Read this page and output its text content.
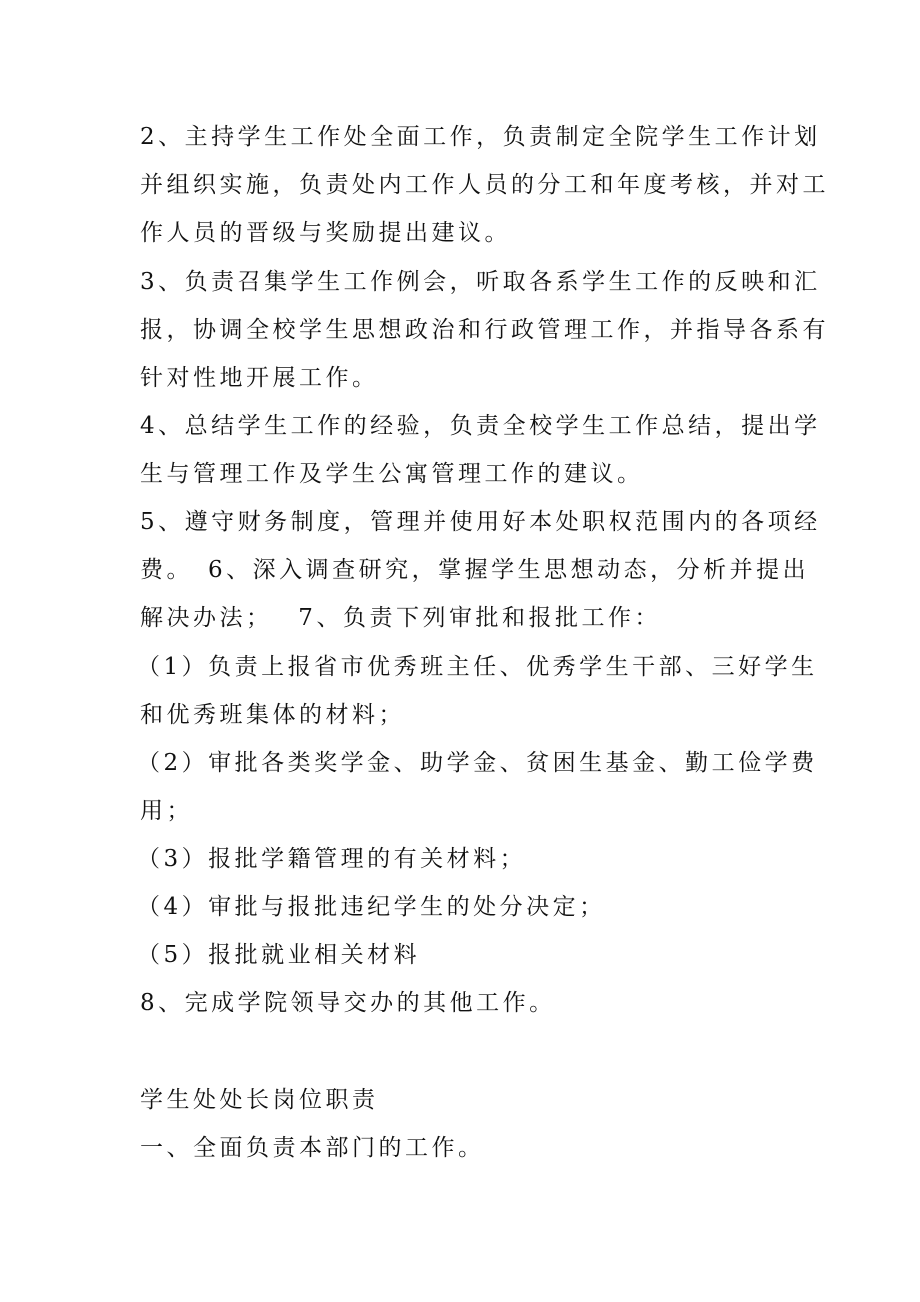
2、主持学生工作处全面工作，负责制定全院学生工作计划
并组织实施，负责处内工作人员的分工和年度考核，并对工
作人员的晋级与奖励提出建议。
3、负责召集学生工作例会，听取各系学生工作的反映和汇
报，协调全校学生思想政治和行政管理工作，并指导各系有
针对性地开展工作。
4、总结学生工作的经验，负责全校学生工作总结，提出学
生与管理工作及学生公寓管理工作的建议。
5、遵守财务制度，管理并使用好本处职权范围内的各项经
费。　6、深入调查研究，掌握学生思想动态，分析并提出
解决办法；　 7、负责下列审批和报批工作：
（1）负责上报省市优秀班主任、优秀学生干部、三好学生
和优秀班集体的材料；
（2）审批各类奖学金、助学金、贫困生基金、勤工俭学费
用；
（3）报批学籍管理的有关材料；
（4）审批与报批违纪学生的处分决定；
（5）报批就业相关材料
8、完成学院领导交办的其他工作。
学生处处长岗位职责
一、全面负责本部门的工作。
